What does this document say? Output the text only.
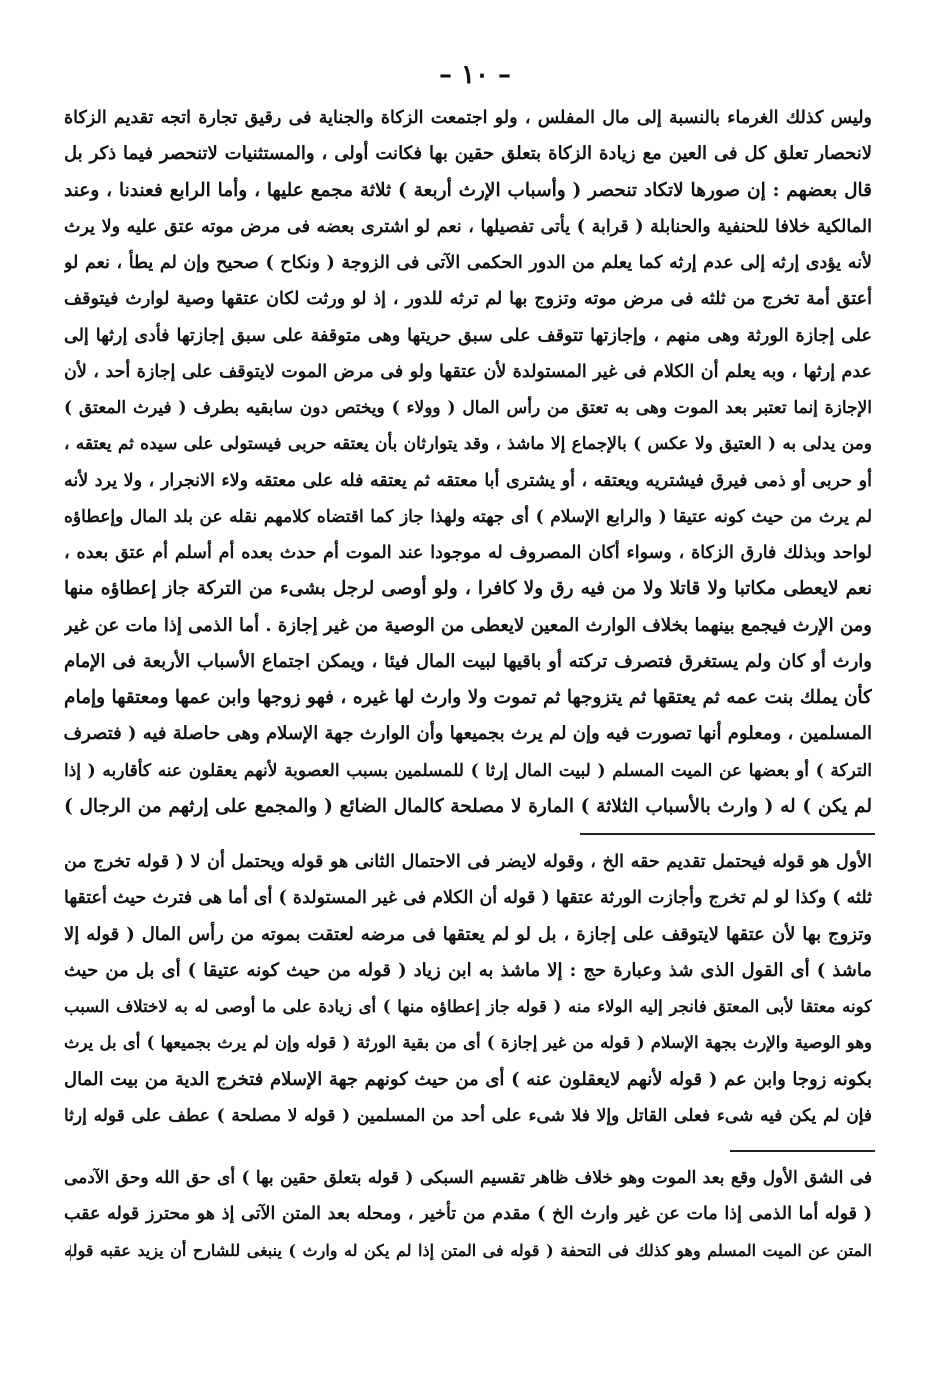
– ١٠ –
وليس كذلك الغرماء بالنسبة إلى مال المفلس ، ولو اجتمعت الزكاة والجناية فى رقيق تجارة اتجه تقديم الزكاة
لانحصار تعلق كل فى العين مع زيادة الزكاة بتعلق حقين بها فكانت أولى ، والمستثنيات لاتنحصر فيما ذكر بل
قال بعضهم : إن صورها لاتكاد تنحصر ( وأسباب الإرث أربعة ) ثلاثة مجمع عليها ، وأما الرابع فعندنا ، وعند
المالكية خلافا للحنفية والحنابلة ( قرابة ) يأتى تفصيلها ، نعم لو اشترى بعضه فى مرض موته عتق عليه ولا يرث
لأنه يؤدى إرثه إلى عدم إرثه كما يعلم من الدور الحكمى الآتى فى الزوجة ( ونكاح ) صحيح وإن لم يطأ ، نعم لو
أعتق أمة تخرج من ثلثه فى مرض موته وتزوج بها لم ترثه للدور ، إذ لو ورثت لكان عتقها وصية لوارث فيتوقف
على إجازة الورثة وهى منهم ، وإجازتها تتوقف على سبق حريتها وهى متوقفة على سبق إجازتها فأدى إرثها إلى
عدم إرثها ، وبه يعلم أن الكلام فى غير المستولدة لأن عتقها ولو فى مرض الموت لايتوقف على إجازة أحد ، لأن
الإجازة إنما تعتبر بعد الموت وهى به تعتق من رأس المال ( وولاء ) ويختص دون سابقيه بطرف ( فيرث المعتق )
ومن يدلى به ( العتيق ولا عكس ) بالإجماع إلا ماشذ ، وقد يتوارثان بأن يعتقه حربى فيستولى على سيده ثم يعتقه ،
أو حربى أو ذمى فيرق فيشتريه ويعتقه ، أو يشترى أبا معتقه ثم يعتقه فله على معتقه ولاء الانجرار ، ولا يرد لأنه
لم يرث من حيث كونه عتيقا ( والرابع الإسلام ) أى جهته ولهذا جاز كما اقتضاه كلامهم نقله عن بلد المال وإعطاؤه
لواحد وبذلك فارق الزكاة ، وسواء أكان المصروف له موجودا عند الموت أم حدث بعده أم أسلم أم عتق بعده ،
نعم لايعطى مكاتبا ولا قاتلا ولا من فيه رق ولا كافرا ، ولو أوصى لرجل بشىء من التركة جاز إعطاؤه منها
ومن الإرث فيجمع بينهما بخلاف الوارث المعين لايعطى من الوصية من غير إجازة . أما الذمى إذا مات عن غير
وارث أو كان ولم يستغرق فتصرف تركته أو باقيها لبيت المال فيئا ، ويمكن اجتماع الأسباب الأربعة فى الإمام
كأن يملك بنت عمه ثم يعتقها ثم يتزوجها ثم تموت ولا وارث لها غيره ، فهو زوجها وابن عمها ومعتقها وإمام
المسلمين ، ومعلوم أنها تصورت فيه وإن لم يرث بجميعها وأن الوارث جهة الإسلام وهى حاصلة فيه ( فتصرف
التركة ) أو بعضها عن الميت المسلم ( لبيت المال إرثا ) للمسلمين بسبب العصوبة لأنهم يعقلون عنه كأقاربه ( إذا
لم يكن ) له ( وارث بالأسباب الثلاثة ) المارة لا مصلحة كالمال الضائع ( والمجمع على إرثهم من الرجال )
الأول هو قوله فيحتمل تقديم حقه الخ ، وقوله لايضر فى الاحتمال الثانى هو قوله ويحتمل أن لا ( قوله تخرج من
ثلثه ) وكذا لو لم تخرج وأجازت الورثة عتقها ( قوله أن الكلام فى غير المستولدة ) أى أما هى فترث حيث أعتقها
وتزوج بها لأن عتقها لايتوقف على إجازة ، بل لو لم يعتقها فى مرضه لعتقت بموته من رأس المال ( قوله إلا
ماشذ ) أى القول الذى شذ وعبارة حج : إلا ماشذ به ابن زياد ( قوله من حيث كونه عتيقا ) أى بل من حيث
كونه معتقا لأبى المعتق فانجر إليه الولاء منه ( قوله جاز إعطاؤه منها ) أى زيادة على ما أوصى له به لاختلاف السبب
وهو الوصية والإرث بجهة الإسلام ( قوله من غير إجازة ) أى من بقية الورثة ( قوله وإن لم يرث بجميعها ) أى بل يرث
بكونه زوجا وابن عم ( قوله لأنهم لايعقلون عنه ) أى من حيث كونهم جهة الإسلام فتخرج الدية من بيت المال
فإن لم يكن فيه شىء فعلى القاتل وإلا فلا شىء على أحد من المسلمين ( قوله لا مصلحة ) عطف على قوله إرثا
فى الشق الأول وقع بعد الموت وهو خلاف ظاهر تقسيم السبكى ( قوله بتعلق حقين بها ) أى حق الله وحق الآدمى
( قوله أما الذمى إذا مات عن غير وارث الخ ) مقدم من تأخير ، ومحله بعد المتن الآتى إذ هو محترز قوله عقب
المتن عن الميت المسلم وهو كذلك فى التحفة ( قوله فى المتن إذا لم يكن له وارث ) ينبغى للشارح أن يزيد عقبه قوله
